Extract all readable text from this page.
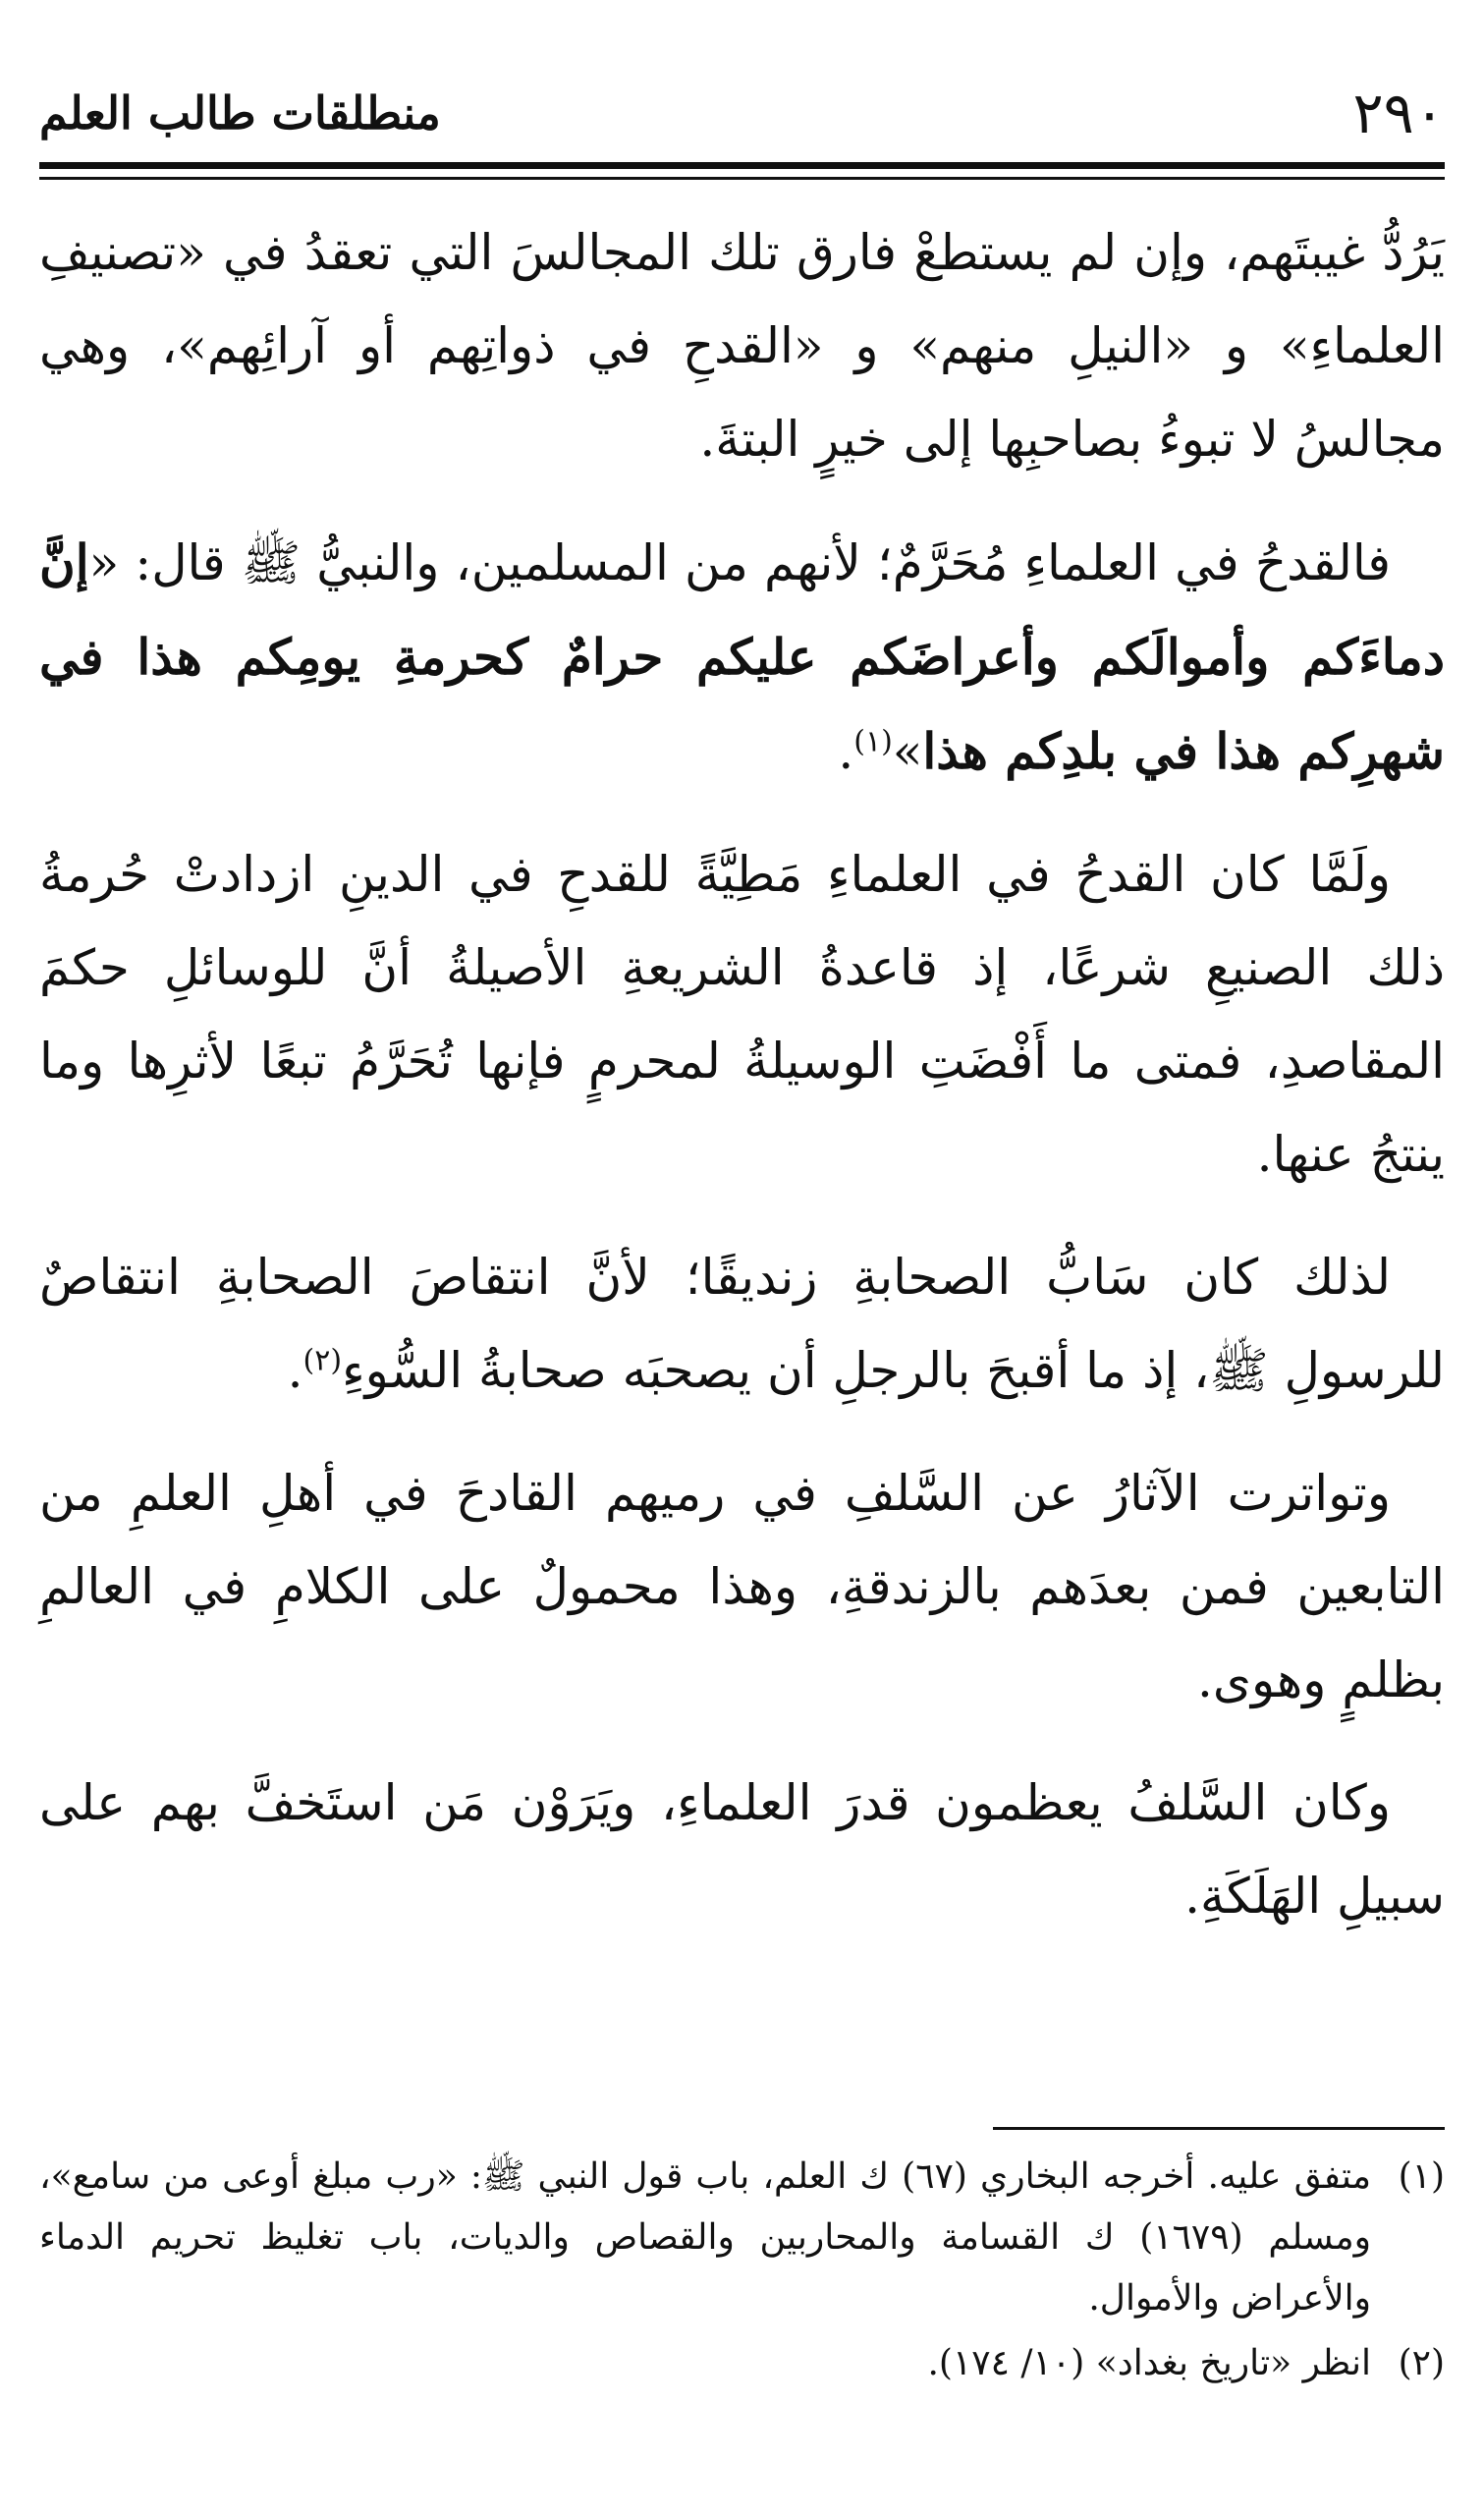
٢٩٠
منطلقات طالب العلم

يَرُدُّ غيبتَهم، وإن لم يستطعْ فارق تلك المجالسَ التي تعقدُ في «تصنيفِ العلماءِ» و «النيلِ منهم» و «القدحِ في ذواتِهم أو آرائِهم»، وهي مجالسُ لا تبوءُ بصاحبِها إلى خيرٍ البتةَ.

فالقدحُ في العلماءِ مُحَرَّمٌ؛ لأنهم من المسلمين، والنبيُّ ﷺ قال: «إنَّ دماءَكم وأموالَكم وأعراضَكم عليكم حرامٌ كحرمةِ يومِكم هذا في شهرِكم هذا في بلدِكم هذا»$^{(١)}$.

ولَمَّا كان القدحُ في العلماءِ مَطِيَّةً للقدحِ في الدينِ ازدادتْ حُرمةُ ذلك الصنيعِ شرعًا، إذ قاعدةُ الشريعةِ الأصيلةُ أنَّ للوسائلِ حكمَ المقاصدِ، فمتى ما أَفْضَتِ الوسيلةُ لمحرمٍ فإنها تُحَرَّمُ تبعًا لأثرِها وما ينتجُ عنها.

لذلك كان سَابُّ الصحابةِ زنديقًا؛ لأنَّ انتقاصَ الصحابةِ انتقاصٌ للرسولِ ﷺ، إذ ما أقبحَ بالرجلِ أن يصحبَه صحابةُ السُّوءِ$^{(٢)}$.

وتواترت الآثارُ عن السَّلفِ في رميهم القادحَ في أهلِ العلمِ من التابعين فمن بعدَهم بالزندقةِ، وهذا محمولٌ على الكلامِ في العالمِ بظلمٍ وهوى.

وكان السَّلفُ يعظمون قدرَ العلماءِ، ويَرَوْن مَن استَخفَّ بهم على سبيلِ الهَلَكَةِ.

(١)
متفق عليه. أخرجه البخاري (٦٧) ك العلم، باب قول النبي ﷺ: «رب مبلغ أوعى من سامع»، ومسلم (١٦٧٩) ك القسامة والمحاربين والقصاص والديات، باب تغليظ تحريم الدماء والأعراض والأموال.
(٢)
انظر «تاريخ بغداد» (١٠/ ١٧٤).
